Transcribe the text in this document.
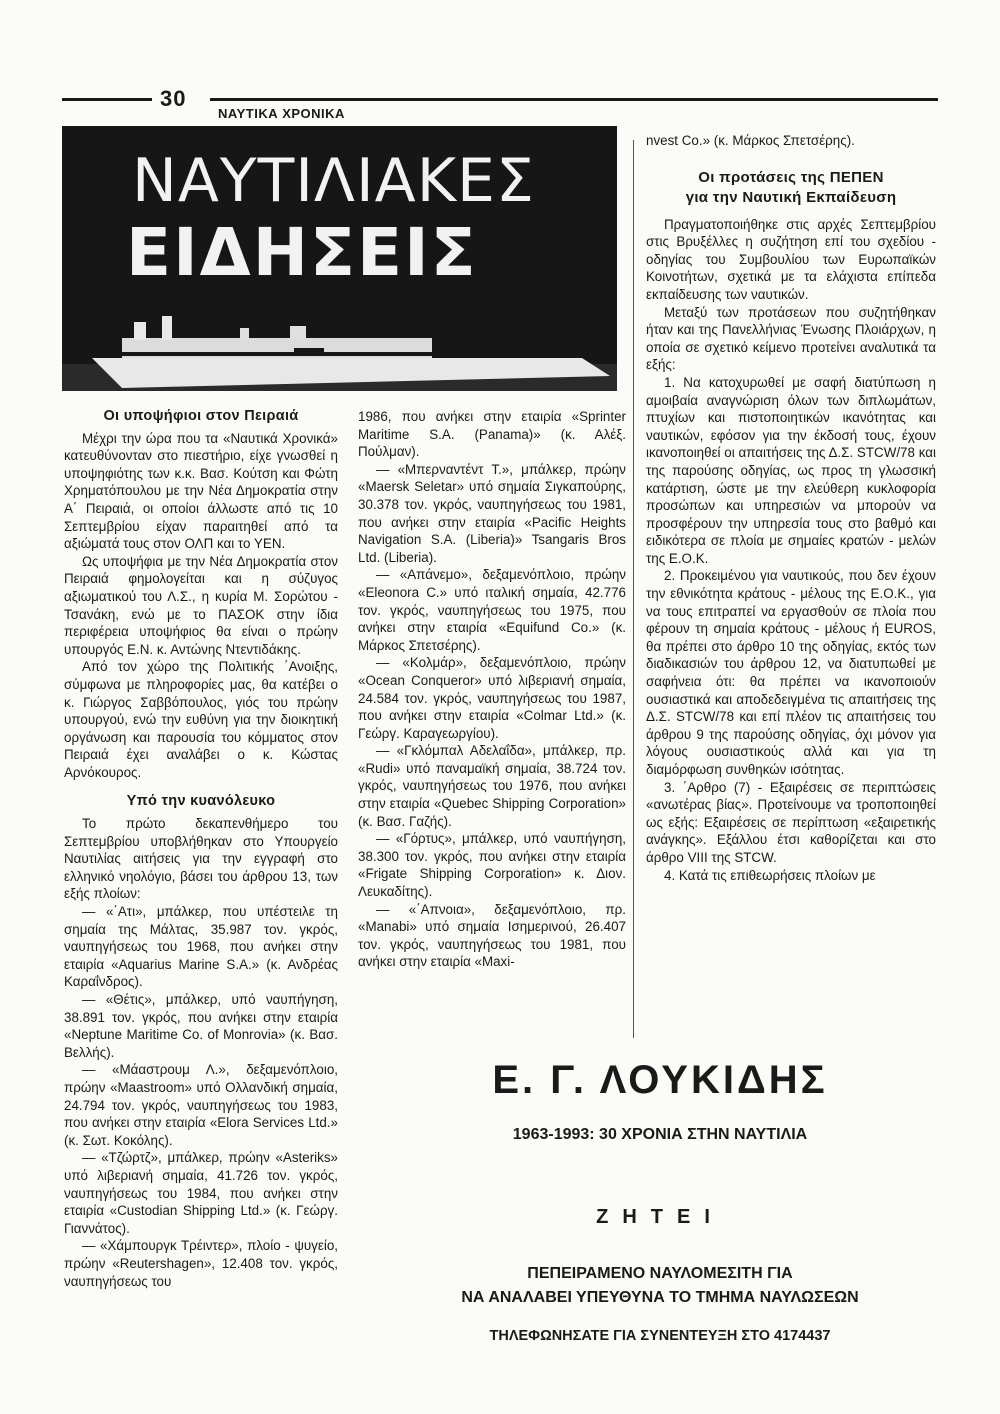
30
ΝΑΥΤΙΚΑ ΧΡΟΝΙΚΑ
ΝΑΥΤΙΛΙΑΚΕΣ
ΕΙΔΗΣΕΙΣ
Οι υποψήφιοι στον Πειραιά

Μέχρι την ώρα που τα «Ναυτικά Χρονικά» κατευθύνονταν στο πιεστήριο, είχε γνωσθεί η υποψηφιότης των κ.κ. Βασ. Κούτση και Φώτη Χρηματόπουλου με την Νέα Δημοκρατία στην Α΄ Πειραιά, οι οποίοι άλλωστε από τις 10 Σεπτεμβρίου είχαν παραιτηθεί από τα αξιώματά τους στον ΟΛΠ και το ΥΕΝ.

Ως υποψήφια με την Νέα Δημοκρατία στον Πειραιά φημολογείται και η σύζυγος αξιωματικού του Λ.Σ., η κυρία Μ. Σορώτου - Τσανάκη, ενώ με το ΠΑΣΟΚ στην ίδια περιφέρεια υποψήφιος θα είναι ο πρώην υπουργός Ε.Ν. κ. Αντώνης Ντεντιδάκης.

Από τον χώρο της Πολιτικής ΄Ανοιξης, σύμφωνα με πληροφορίες μας, θα κατέβει ο κ. Γιώργος Σαββόπουλος, γιός του πρώην υπουργού, ενώ την ευθύνη για την διοικητική οργάνωση και παρουσία του κόμματος στον Πειραιά έχει αναλάβει ο κ. Κώστας Αρνόκουρος.

Υπό την κυανόλευκο

Το πρώτο δεκαπενθήμερο του Σεπτεμβρίου υποβλήθηκαν στο Υπουργείο Ναυτιλίας αιτήσεις για την εγγραφή στο ελληνικό νηολόγιο, βάσει του άρθρου 13, των εξής πλοίων:

— «΄Ατι», μπάλκερ, που υπέστειλε τη σημαία της Μάλτας, 35.987 τον. γκρός, ναυπηγήσεως του 1968, που ανήκει στην εταιρία «Aquarius Marine S.A.» (κ. Ανδρέας Καραΐνδρος).

— «Θέτις», μπάλκερ, υπό ναυπήγηση, 38.891 τον. γκρός, που ανήκει στην εταιρία «Neptune Maritime Co. of Monrovia» (κ. Βασ. Βελλής).

— «Μάαστρουμ Λ.», δεξαμενόπλοιο, πρώην «Maastroom» υπό Ολλανδική σημαία, 24.794 τον. γκρός, ναυπηγήσεως του 1983, που ανήκει στην εταιρία «Elora Services Ltd.» (κ. Σωτ. Κοκόλης).

— «Τζώρτζ», μπάλκερ, πρώην «Asteriks» υπό λιβεριανή σημαία, 41.726 τον. γκρός, ναυπηγήσεως του 1984, που ανήκει στην εταιρία «Custodian Shipping Ltd.» (κ. Γεώργ. Γιαννάτος).

— «Χάμπουργκ Τρέιντερ», πλοίο - ψυγείο, πρώην «Reutershagen», 12.408 τον. γκρός, ναυπηγήσεως του

1986, που ανήκει στην εταιρία «Sprinter Maritime S.A. (Panama)» (κ. Αλέξ. Πούλμαν).

— «Μπερναντέντ Τ.», μπάλκερ, πρώην «Maersk Seletar» υπό σημαία Σιγκαπούρης, 30.378 τον. γκρός, ναυπηγήσεως του 1981, που ανήκει στην εταιρία «Pacific Heights Navigation S.A. (Liberia)» Tsangaris Bros Ltd. (Liberia).

— «Απάνεμο», δεξαμενόπλοιο, πρώην «Eleonora C.» υπό ιταλική σημαία, 42.776 τον. γκρός, ναυπηγήσεως του 1975, που ανήκει στην εταιρία «Equifund Co.» (κ. Μάρκος Σπετσέρης).

— «Κολμάρ», δεξαμενόπλοιο, πρώην «Ocean Conqueror» υπό λιβεριανή σημαία, 24.584 τον. γκρός, ναυπηγήσεως του 1987, που ανήκει στην εταιρία «Colmar Ltd.» (κ. Γεώργ. Καραγεωργίου).

— «Γκλόμπαλ Αδελαΐδα», μπάλκερ, πρ. «Rudi» υπό παναμαϊκή σημαία, 38.724 τον. γκρός, ναυπηγήσεως του 1976, που ανήκει στην εταιρία «Quebec Shipping Corporation» (κ. Βασ. Γαζής).

— «Γόρτυς», μπάλκερ, υπό ναυπήγηση, 38.300 τον. γκρός, που ανήκει στην εταιρία «Frigate Shipping Corporation» κ. Διον. Λευκαδίτης).

— «΄Απνοια», δεξαμενόπλοιο, πρ. «Manabi» υπό σημαία Ισημερινού, 26.407 τον. γκρός, ναυπηγήσεως του 1981, που ανήκει στην εταιρία «Maxi-

nvest Co.» (κ. Μάρκος Σπετσέρης).

Οι προτάσεις της ΠΕΠΕΝ
για την Ναυτική Εκπαίδευση

Πραγματοποιήθηκε στις αρχές Σεπτεμβρίου στις Βρυξέλλες η συζήτηση επί του σχεδίου - οδηγίας του Συμβουλίου των Ευρωπαϊκών Κοινοτήτων, σχετικά με τα ελάχιστα επίπεδα εκπαίδευσης των ναυτικών.

Μεταξύ των προτάσεων που συζητήθηκαν ήταν και της Πανελλήνιας Ένωσης Πλοιάρχων, η οποία σε σχετικό κείμενο προτείνει αναλυτικά τα εξής:

1. Να κατοχυρωθεί με σαφή διατύπωση η αμοιβαία αναγνώριση όλων των διπλωμάτων, πτυχίων και πιστοποιητικών ικανότητας και ναυτικών, εφόσον για την έκδοσή τους, έχουν ικανοποιηθεί οι απαιτήσεις της Δ.Σ. STCW/78 και της παρούσης οδηγίας, ως προς τη γλωσσική κατάρτιση, ώστε με την ελεύθερη κυκλοφορία προσώπων και υπηρεσιών να μπορούν να προσφέρουν την υπηρεσία τους στο βαθμό και ειδικότερα σε πλοία με σημαίες κρατών - μελών της Ε.Ο.Κ.

2. Προκειμένου για ναυτικούς, που δεν έχουν την εθνικότητα κράτους - μέλους της Ε.Ο.Κ., για να τους επιτραπεί να εργασθούν σε πλοία που φέρουν τη σημαία κράτους - μέλους ή EUROS, θα πρέπει στο άρθρο 10 της οδηγίας, εκτός των διαδικασιών του άρθρου 12, να διατυπωθεί με σαφήνεια ότι: θα πρέπει να ικανοποιούν ουσιαστικά και αποδεδειγμένα τις απαιτήσεις της Δ.Σ. STCW/78 και επί πλέον τις απαιτήσεις του άρθρου 9 της παρούσης οδηγίας, όχι μόνον για λόγους ουσιαστικούς αλλά και για τη διαμόρφωση συνθηκών ισότητας.

3. ΄Αρθρο (7) - Εξαιρέσεις σε περιπτώσεις «ανωτέρας βίας». Προτείνουμε να τροποποιηθεί ως εξής: Εξαιρέσεις σε περίπτωση «εξαιρετικής ανάγκης». Εξάλλου έτσι καθορίζεται και στο άρθρο VIII της STCW.

4. Κατά τις επιθεωρήσεις πλοίων με

Ε. Γ. ΛΟΥΚΙΔΗΣ
1963-1993: 30 ΧΡΟΝΙΑ ΣΤΗΝ ΝΑΥΤΙΛΙΑ
ΖΗΤΕΙ
ΠΕΠΕΙΡΑΜΕΝΟ ΝΑΥΛΟΜΕΣΙΤΗ ΓΙΑ
ΝΑ ΑΝΑΛΑΒΕΙ ΥΠΕΥΘΥΝΑ ΤΟ ΤΜΗΜΑ ΝΑΥΛΩΣΕΩΝ
ΤΗΛΕΦΩΝΗΣΑΤΕ ΓΙΑ ΣΥΝΕΝΤΕΥΞΗ ΣΤΟ 4174437
